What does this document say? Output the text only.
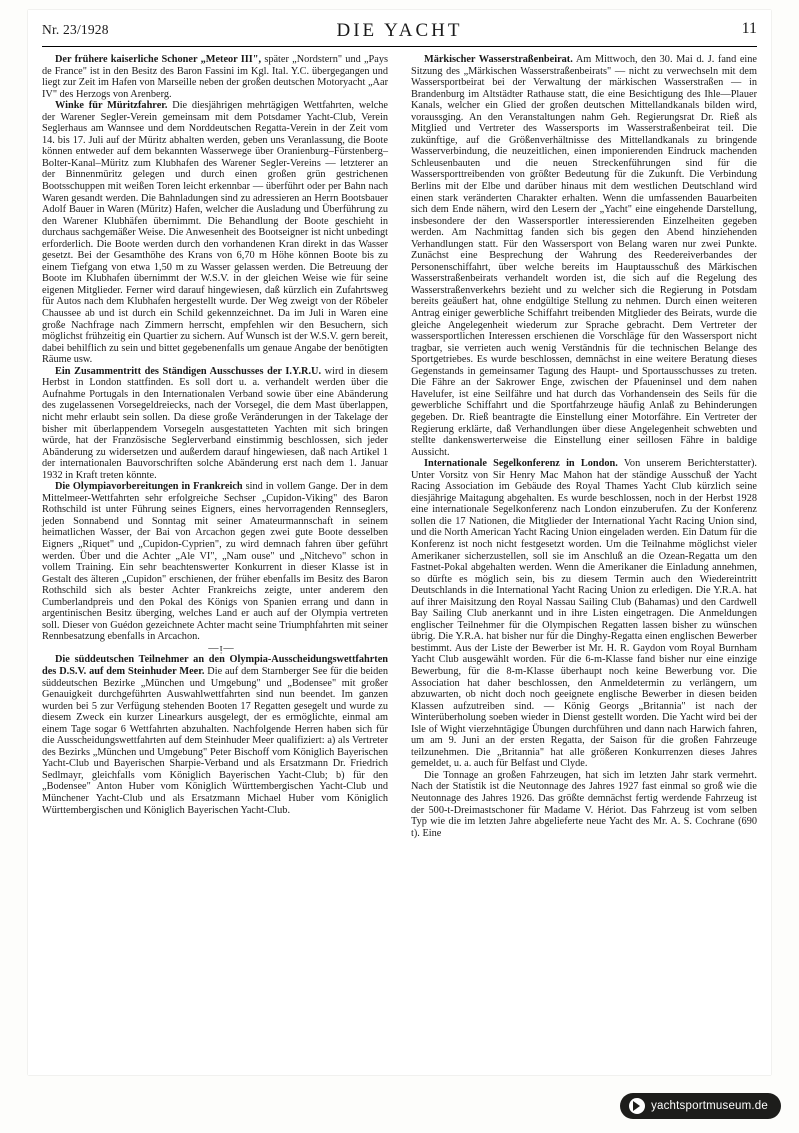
Nr. 23/1928	DIE YACHT	11

Der frühere kaiserliche Schoner „Meteor III", später „Nordstern" und „Pays de France" ist in den Besitz des Baron Fassini im Kgl. Ital. Y.C. übergegangen und liegt zur Zeit im Hafen von Marseille neben der großen deutschen Motoryacht „Aar IV" des Herzogs von Arenberg.

Winke für Müritzfahrer. Die diesjährigen mehrtägigen Wettfahrten, welche der Warener Segler-Verein gemeinsam mit dem Potsdamer Yacht-Club, Verein Seglerhaus am Wannsee und dem Norddeutschen Regatta-Verein in der Zeit vom 14. bis 17. Juli auf der Müritz abhalten werden, geben uns Veranlassung, die Boote können entweder auf dem bekannten Wasserwege über Oranienburg–Fürstenberg–Bolter-Kanal–Müritz zum Klubhafen des Warener Segler-Vereins — letzterer an der Binnenmüritz gelegen und durch einen großen grün gestrichenen Bootsschuppen mit weißen Toren leicht erkennbar — überführt oder per Bahn nach Waren gesandt werden. Die Bahnladungen sind zu adressieren an Herrn Bootsbauer Adolf Bauer in Waren (Müritz) Hafen, welcher die Ausladung und Überführung zu den Warener Klubhäfen übernimmt. Die Behandlung der Boote geschieht in durchaus sachgemäßer Weise. Die Anwesenheit des Bootseigner ist nicht unbedingt erforderlich. Die Boote werden durch den vorhandenen Kran direkt in das Wasser gesetzt. Bei der Gesamthöhe des Krans von 6,70 m Höhe können Boote bis zu einem Tiefgang von etwa 1,50 m zu Wasser gelassen werden. Die Betreuung der Boote im Klubhafen übernimmt der W.S.V. in der gleichen Weise wie für seine eigenen Mitglieder. Ferner wird darauf hingewiesen, daß kürzlich ein Zufahrtsweg für Autos nach dem Klubhafen hergestellt wurde. Der Weg zweigt von der Röbeler Chaussee ab und ist durch ein Schild gekennzeichnet. Da im Juli in Waren eine große Nachfrage nach Zimmern herrscht, empfehlen wir den Besuchern, sich möglichst frühzeitig ein Quartier zu sichern. Auf Wunsch ist der W.S.V. gern bereit, dabei behilflich zu sein und bittet gegebenenfalls um genaue Angabe der benötigten Räume usw.

Ein Zusammentritt des Ständigen Ausschusses der I.Y.R.U. wird in diesem Herbst in London stattfinden. Es soll dort u. a. verhandelt werden über die Aufnahme Portugals in den Internationalen Verband sowie über eine Abänderung des zugelassenen Vorsegeldreiecks, nach der Vorsegel, die dem Mast überlappen, nicht mehr erlaubt sein sollen. Da diese große Veränderungen in der Takelage der bisher mit überlappendem Vorsegeln ausgestatteten Yachten mit sich bringen würde, hat der Französische Seglerverband einstimmig beschlossen, sich jeder Abänderung zu widersetzen und außerdem darauf hingewiesen, daß nach Artikel 1 der internationalen Bauvorschriften solche Abänderung erst nach dem 1. Januar 1932 in Kraft treten könnte.

Die Olympiavorbereitungen in Frankreich sind in vollem Gange. Der in dem Mittelmeer-Wettfahrten sehr erfolgreiche Sechser „Cupidon-Viking" des Baron Rothschild ist unter Führung seines Eigners, eines hervorragenden Rennseglers, jeden Sonnabend und Sonntag mit seiner Amateurmannschaft in seinem heimatlichen Wasser, der Bai von Arcachon gegen zwei gute Boote desselben Eigners „Riquet" und „Cupidon-Cyprien", zu wird demnach fahren über geführt werden. Über und die Achter „Ale VI", „Nam ouse" und „Nitchevo" schon in vollem Training. Ein sehr beachtenswerter Konkurrent in dieser Klasse ist in Gestalt des älteren „Cupidon" erschienen, der früher ebenfalls im Besitz des Baron Rothschild sich als bester Achter Frankreichs zeigte, unter anderem den Cumberlandpreis und den Pokal des Königs von Spanien errang und dann in argentinischen Besitz überging, welches Land er auch auf der Olympia vertreten soll. Dieser von Guédon gezeichnete Achter macht seine Triumphfahrten mit seiner Rennbesatzung ebenfalls in Arcachon.

—ᴉ—

Die süddeutschen Teilnehmer an den Olympia-Ausscheidungswettfahrten des D.S.V. auf dem Steinhuder Meer. Die auf dem Starnberger See für die beiden süddeutschen Bezirke „München und Umgebung" und „Bodensee" mit großer Genauigkeit durchgeführten Auswahlwettfahrten sind nun beendet. Im ganzen wurden bei 5 zur Verfügung stehenden Booten 17 Regatten gesegelt und wurde zu diesem Zweck ein kurzer Linearkurs ausgelegt, der es ermöglichte, einmal am einem Tage sogar 6 Wettfahrten abzuhalten. Nachfolgende Herren haben sich für die Ausscheidungswettfahrten auf dem Steinhuder Meer qualifiziert: a) als Vertreter des Bezirks „München und Umgebung" Peter Bischoff vom Königlich Bayerischen Yacht-Club und Bayerischen Sharpie-Verband und als Ersatzmann Dr. Friedrich Sedlmayr, gleichfalls vom Königlich Bayerischen Yacht-Club; b) für den „Bodensee" Anton Huber vom Königlich Württembergischen Yacht-Club und Münchener Yacht-Club und als Ersatzmann Michael Huber vom Königlich Württembergischen und Königlich Bayerischen Yacht-Club.

Märkischer Wasserstraßenbeirat. Am Mittwoch, den 30. Mai d. J. fand eine Sitzung des „Märkischen Wasserstraßenbeirats" — nicht zu verwechseln mit dem Wassersportbeirat bei der Verwaltung der märkischen Wasserstraßen — in Brandenburg im Altstädter Rathause statt, die eine Besichtigung des Ihle—Plauer Kanals, welcher ein Glied der großen deutschen Mittellandkanals bilden wird, voraussging. An den Veranstaltungen nahm Geh. Regierungsrat Dr. Rieß als Mitglied und Vertreter des Wassersports im Wasserstraßenbeirat teil. Die zukünftige, auf die Größenverhältnisse des Mittellandkanals zu bringende Wasserverbindung, die neuzeitlichen, einen imponierenden Eindruck machenden Schleusenbauten und die neuen Streckenführungen sind für die Wassersporttreibenden von größter Bedeutung für die Zukunft. Die Verbindung Berlins mit der Elbe und darüber hinaus mit dem westlichen Deutschland wird einen stark veränderten Charakter erhalten. Wenn die umfassenden Bauarbeiten sich dem Ende nähern, wird den Lesern der „Yacht" eine eingehende Darstellung, insbesondere der den Wassersportler interessierenden Einzelheiten gegeben werden. Am Nachmittag fanden sich bis gegen den Abend hinziehenden Verhandlungen statt. Für den Wassersport von Belang waren nur zwei Punkte. Zunächst eine Besprechung der Wahrung des Reedereiverbandes der Personenschiffahrt, über welche bereits im Hauptausschuß des Märkischen Wasserstraßenbeirats verhandelt worden ist, die sich auf die Regelung des Wasserstraßenverkehrs bezieht und zu welcher sich die Regierung in Potsdam bereits geäußert hat, ohne endgültige Stellung zu nehmen. Durch einen weiteren Antrag einiger gewerbliche Schiffahrt treibenden Mitglieder des Beirats, wurde die gleiche Angelegenheit wiederum zur Sprache gebracht. Dem Vertreter der wassersportlichen Interessen erschienen die Vorschläge für den Wassersport nicht tragbar, sie verrieten auch wenig Verständnis für die technischen Belange des Sportgetriebes. Es wurde beschlossen, demnächst in eine weitere Beratung dieses Gegenstands in gemeinsamer Tagung des Haupt- und Sportausschusses zu treten. Die Fähre an der Sakrower Enge, zwischen der Pfaueninsel und dem nahen Havelufer, ist eine Seilfähre und hat durch das Vorhandensein des Seils für die gewerbliche Schiffahrt und die Sportfahrzeuge häufig Anlaß zu Behinderungen gegeben. Dr. Rieß beantragte die Einstellung einer Motorfähre. Ein Vertreter der Regierung erklärte, daß Verhandlungen über diese Angelegenheit schwebten und stellte dankenswerterweise die Einstellung einer seillosen Fähre in baldige Aussicht.

Internationale Segelkonferenz in London. Von unserem Berichterstatter). Unter Vorsitz von Sir Henry Mac Mahon hat der ständige Ausschuß der Yacht Racing Association im Gebäude des Royal Thames Yacht Club kürzlich seine diesjährige Maitagung abgehalten. Es wurde beschlossen, noch in der Herbst 1928 eine internationale Segelkonferenz nach London einzuberufen. Zu der Konferenz sollen die 17 Nationen, die Mitglieder der International Yacht Racing Union sind, und die North American Yacht Racing Union eingeladen werden. Ein Datum für die Konferenz ist noch nicht festgesetzt worden. Um die Teilnahme möglichst vieler Amerikaner sicherzustellen, soll sie im Anschluß an die Ozean-Regatta um den Fastnet-Pokal abgehalten werden. Wenn die Amerikaner die Einladung annehmen, so dürfte es möglich sein, bis zu diesem Termin auch den Wiedereintritt Deutschlands in die International Yacht Racing Union zu erledigen. Die Y.R.A. hat auf ihrer Maisitzung den Royal Nassau Sailing Club (Bahamas) und den Cardwell Bay Sailing Club anerkannt und in ihre Listen eingetragen. Die Anmeldungen englischer Teilnehmer für die Olympischen Regatten lassen bisher zu wünschen übrig. Die Y.R.A. hat bisher nur für die Dinghy-Regatta einen englischen Bewerber bestimmt. Aus der Liste der Bewerber ist Mr. H. R. Gaydon vom Royal Burnham Yacht Club ausgewählt worden. Für die 6-m-Klasse fand bisher nur eine einzige Bewerbung, für die 8-m-Klasse überhaupt noch keine Bewerbung vor. Die Association hat daher beschlossen, den Anmeldetermin zu verlängern, um abzuwarten, ob nicht doch noch geeignete englische Bewerber in diesen beiden Klassen aufzutreiben sind. — König Georgs „Britannia" ist nach der Winterüberholung soeben wieder in Dienst gestellt worden. Die Yacht wird bei der Isle of Wight vierzehntägige Übungen durchführen und dann nach Harwich fahren, um am 9. Juni an der ersten Regatta, der Saison für die großen Fahrzeuge teilzunehmen. Die „Britannia" hat alle größeren Konkurrenzen dieses Jahres gemeldet, u. a. auch für Belfast und Clyde.

Die Tonnage an großen Fahrzeugen, hat sich im letzten Jahr stark vermehrt. Nach der Statistik ist die Neutonnage des Jahres 1927 fast einmal so groß wie die Neutonnage des Jahres 1926. Das größte demnächst fertig werdende Fahrzeug ist der 500-t-Dreimastschoner für Madame V. Hériot. Das Fahrzeug ist vom selben Typ wie die im letzten Jahre abgelieferte neue Yacht des Mr. A. S. Cochrane (690 t). Eine

yachtsportmuseum.de
